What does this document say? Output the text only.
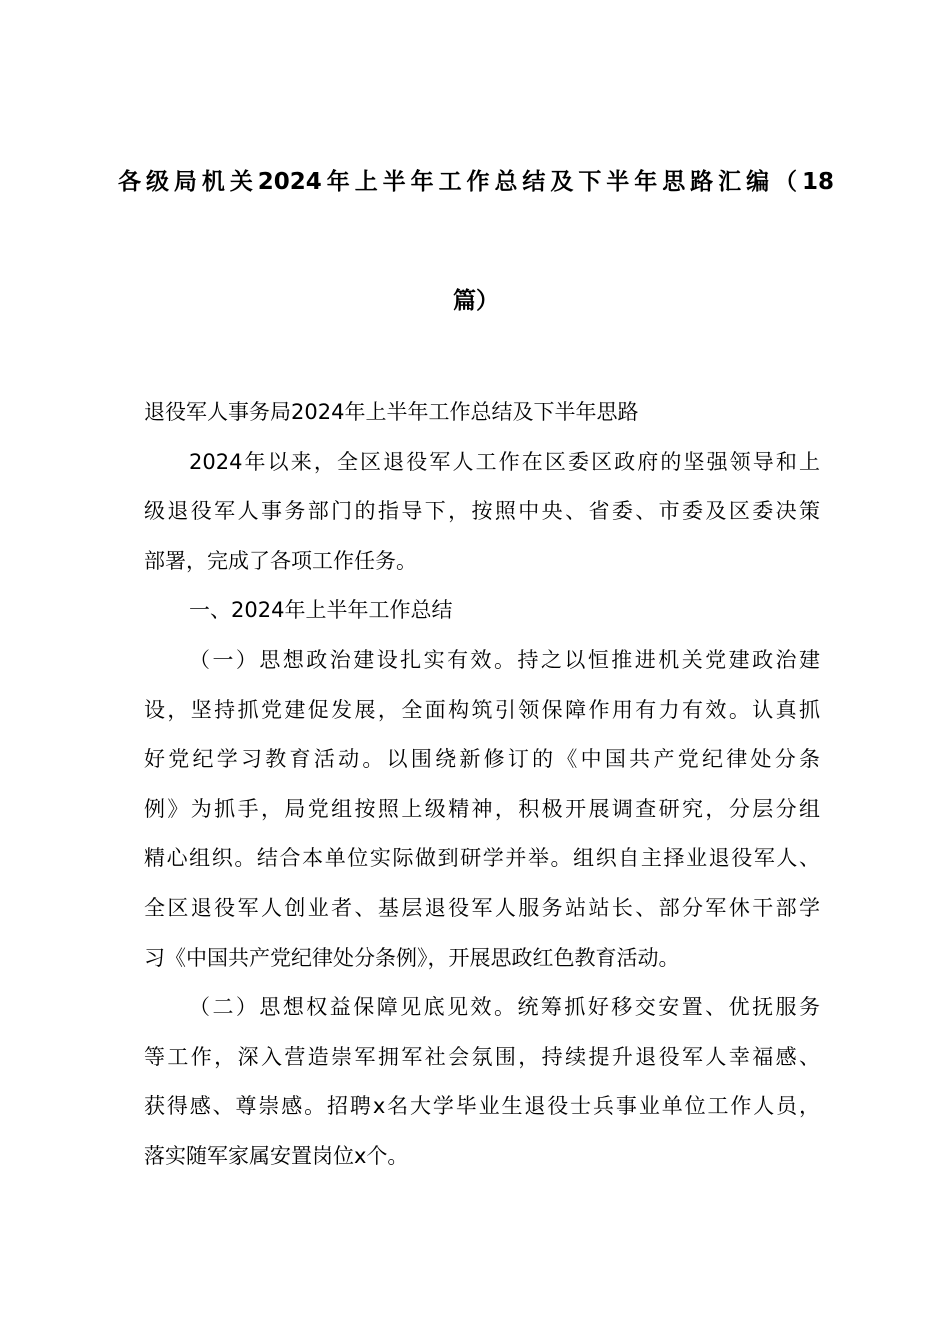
各级局机关2024年上半年工作总结及下半年思路汇编（18
篇）
退役军人事务局2024年上半年工作总结及下半年思路
2024年以来，全区退役军人工作在区委区政府的坚强领导和上
级退役军人事务部门的指导下，按照中央、省委、市委及区委决策
部署，完成了各项工作任务。
一、2024年上半年工作总结
（一）思想政治建设扎实有效。持之以恒推进机关党建政治建
设，坚持抓党建促发展，全面构筑引领保障作用有力有效。认真抓
好党纪学习教育活动。以围绕新修订的《中国共产党纪律处分条
例》为抓手，局党组按照上级精神，积极开展调查研究，分层分组
精心组织。结合本单位实际做到研学并举。组织自主择业退役军人、
全区退役军人创业者、基层退役军人服务站站长、部分军休干部学
习《中国共产党纪律处分条例》，开展思政红色教育活动。
（二）思想权益保障见底见效。统筹抓好移交安置、优抚服务
等工作，深入营造崇军拥军社会氛围，持续提升退役军人幸福感、
获得感、尊崇感。招聘x名大学毕业生退役士兵事业单位工作人员，
落实随军家属安置岗位x个。
